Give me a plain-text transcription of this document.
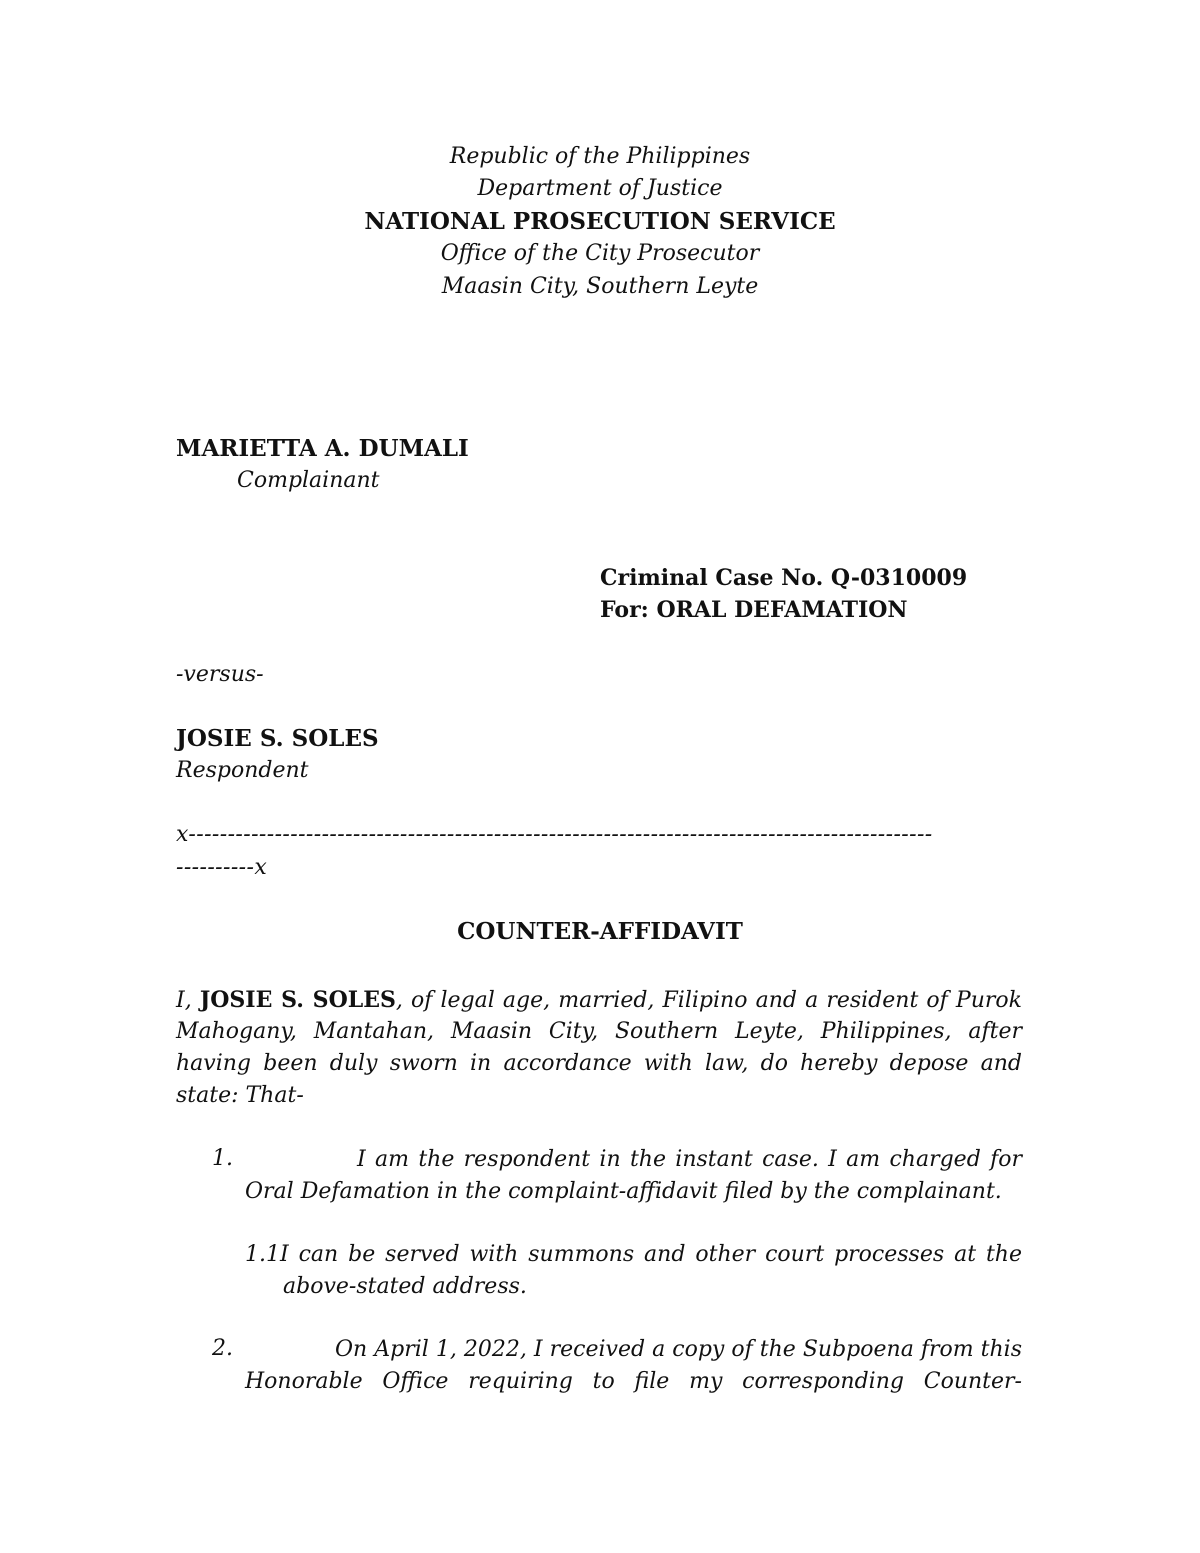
Republic of the Philippines
Department of Justice
NATIONAL PROSECUTION SERVICE
Office of the City Prosecutor
Maasin City, Southern Leyte
MARIETTA A. DUMALI
Complainant
Criminal Case No. Q-0310009
For: ORAL DEFAMATION
-versus-
JOSIE S. SOLES
Respondent
x-----------------------------------------------------------------------------------------------
----------x
COUNTER-AFFIDAVIT
I, JOSIE S. SOLES, of legal age, married, Filipino and a resident of Purok
Mahogany, Mantahan, Maasin City, Southern Leyte, Philippines, after
having been duly sworn in accordance with law, do hereby depose and
state: That-
1.	I am the respondent in the instant case. I am charged for
Oral Defamation in the complaint-affidavit filed by the complainant.
1.1I can be served with summons and other court processes at the
above-stated address.
2.	On April 1, 2022, I received a copy of the Subpoena from this
Honorable Office requiring to file my corresponding Counter-
